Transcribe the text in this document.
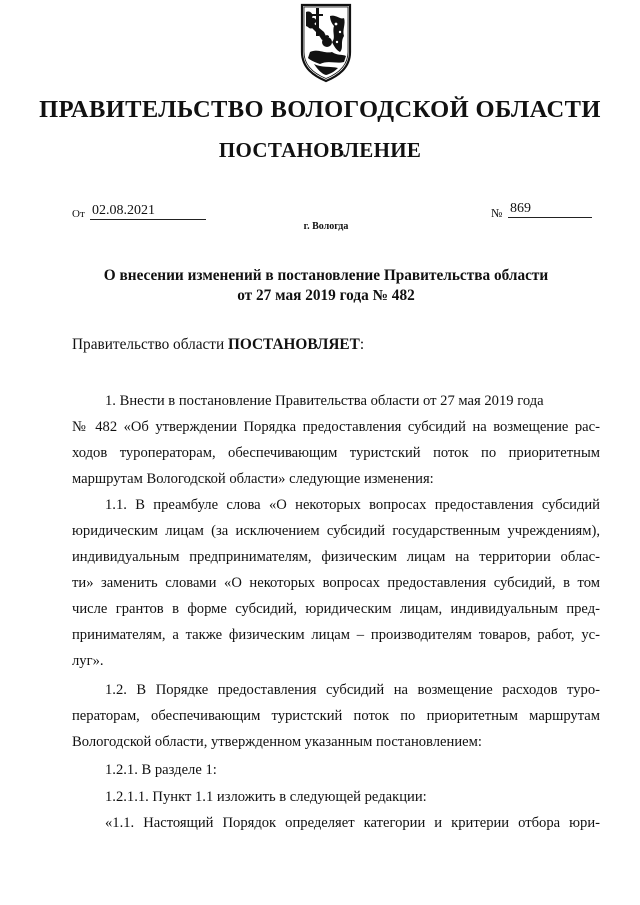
ПРАВИТЕЛЬСТВО ВОЛОГОДСКОЙ ОБЛАСТИ
ПОСТАНОВЛЕНИЕ
От 02.08.2021	№ 869
г. Вологда
О внесении изменений в постановление Правительства области
от 27 мая 2019 года № 482
Правительство области ПОСТАНОВЛЯЕТ:
1. Внести в постановление Правительства области от 27 мая 2019 года
№ 482 «Об утверждении Порядка предоставления субсидий на возмещение рас-
ходов туроператорам, обеспечивающим туристский поток по приоритетным
маршрутам Вологодской области» следующие изменения:
1.1. В преамбуле слова «О некоторых вопросах предоставления субсидий
юридическим лицам (за исключением субсидий государственным учреждениям),
индивидуальным предпринимателям, физическим лицам на территории облас-
ти» заменить словами «О некоторых вопросах предоставления субсидий, в том
числе грантов в форме субсидий, юридическим лицам, индивидуальным пред-
принимателям, а также физическим лицам – производителям товаров, работ, ус-
луг».
1.2. В Порядке предоставления субсидий на возмещение расходов туро-
ператорам, обеспечивающим туристский поток по приоритетным маршрутам
Вологодской области, утвержденном указанным постановлением:
1.2.1. В разделе 1:
1.2.1.1. Пункт 1.1 изложить в следующей редакции:
«1.1. Настоящий Порядок определяет категории и критерии отбора юри-
